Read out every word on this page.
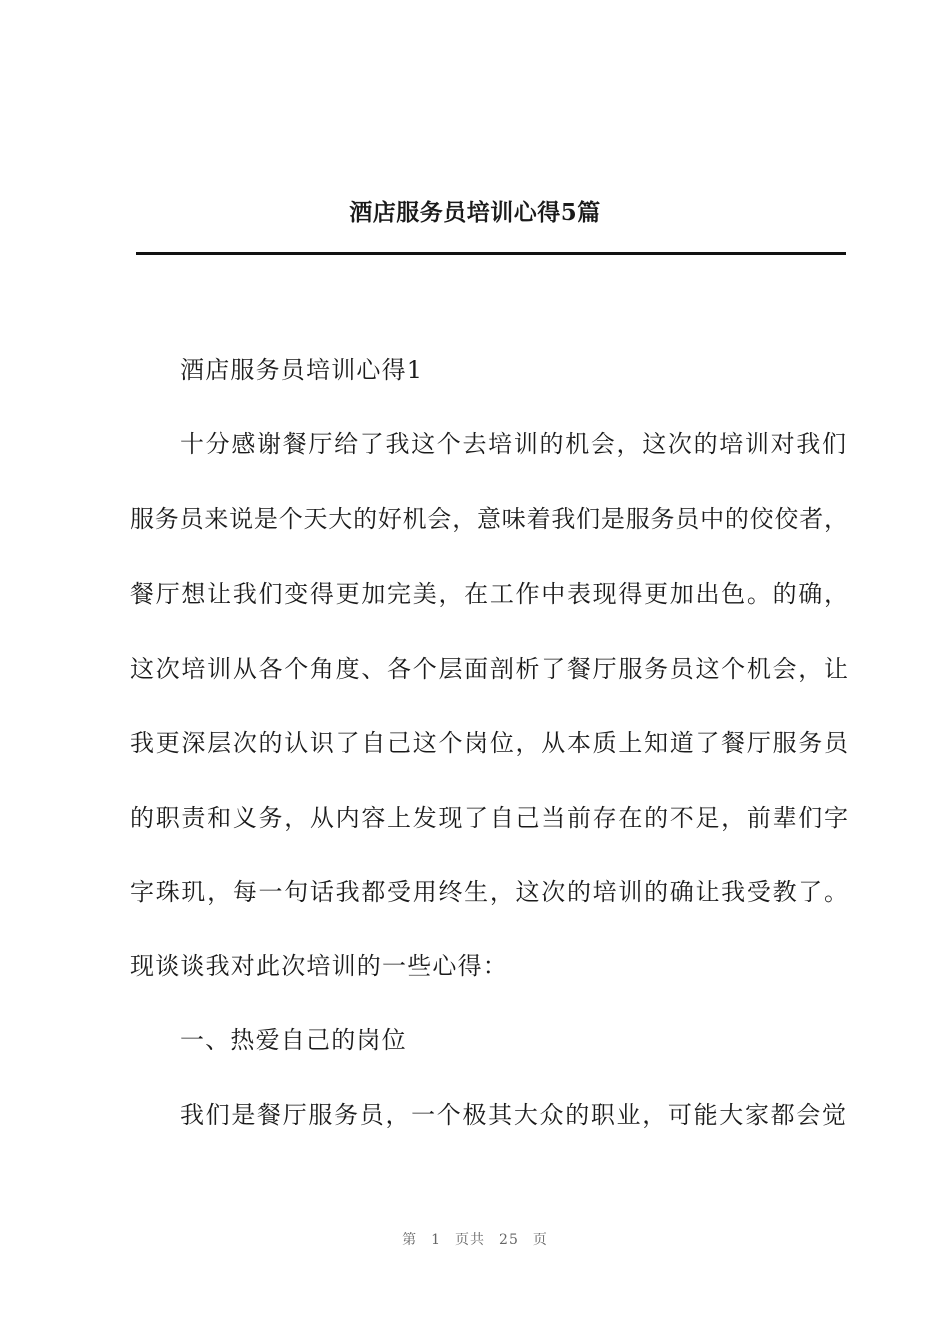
酒店服务员培训心得5篇
酒店服务员培训心得1
十分感谢餐厅给了我这个去培训的机会，这次的培训对我们
服务员来说是个天大的好机会，意味着我们是服务员中的佼佼者，
餐厅想让我们变得更加完美，在工作中表现得更加出色。的确，
这次培训从各个角度、各个层面剖析了餐厅服务员这个机会，让
我更深层次的认识了自己这个岗位，从本质上知道了餐厅服务员
的职责和义务，从内容上发现了自己当前存在的不足，前辈们字
字珠玑，每一句话我都受用终生，这次的培训的确让我受教了。
现谈谈我对此次培训的一些心得：
一、热爱自己的岗位
我们是餐厅服务员，一个极其大众的职业，可能大家都会觉
第 1 页共 25 页
